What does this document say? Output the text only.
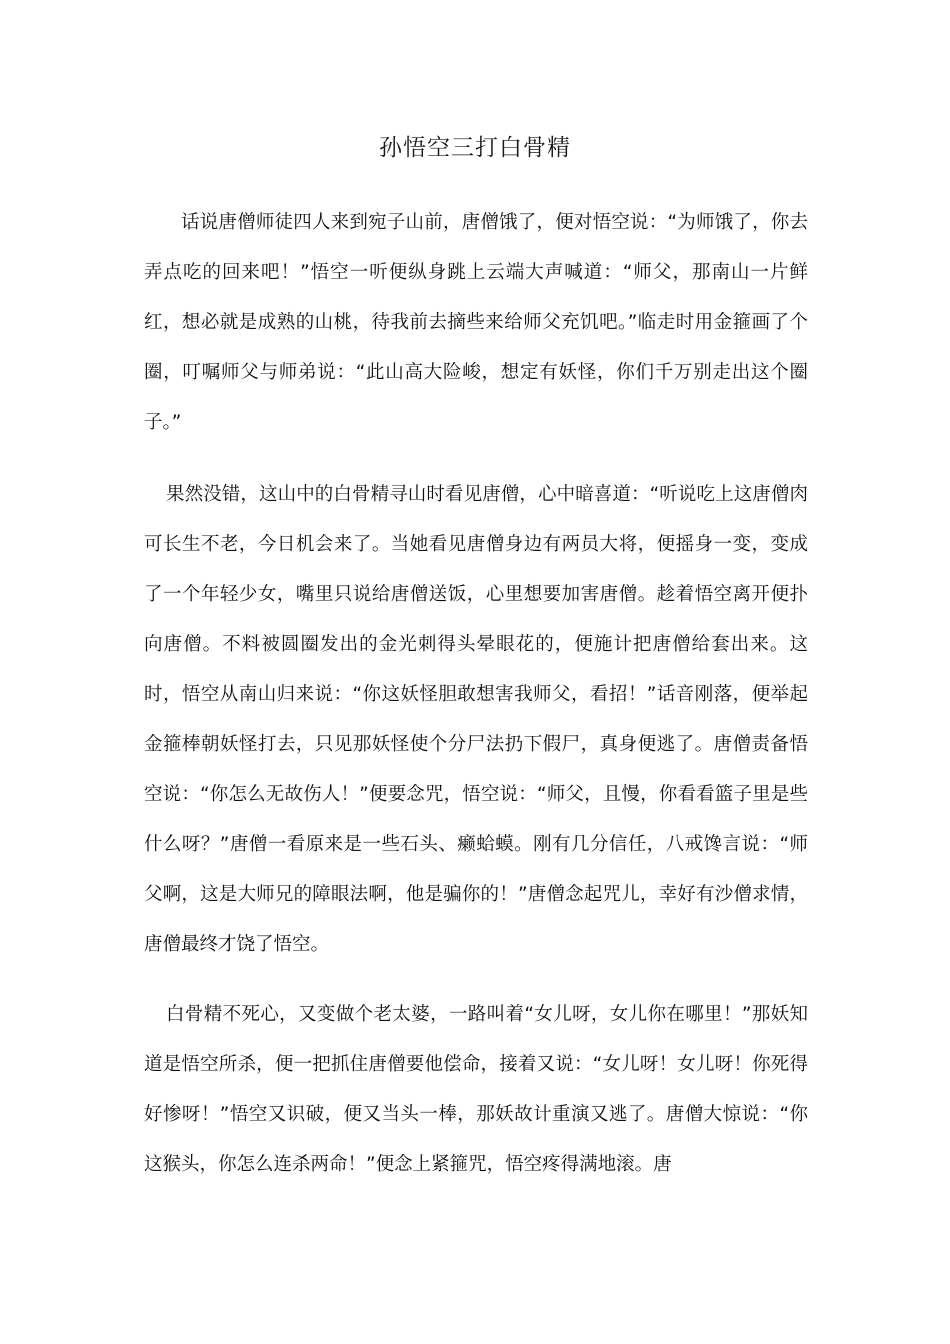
孙悟空三打白骨精

话说唐僧师徒四人来到宛子山前，唐僧饿了，便对悟空说：“为师饿了，你去弄点吃的回来吧！”悟空一听便纵身跳上云端大声喊道：“师父，那南山一片鲜红，想必就是成熟的山桃，待我前去摘些来给师父充饥吧。”临走时用金箍画了个圈，叮嘱师父与师弟说：“此山高大险峻，想定有妖怪，你们千万别走出这个圈子。”

果然没错，这山中的白骨精寻山时看见唐僧，心中暗喜道：“听说吃上这唐僧肉可长生不老，今日机会来了。当她看见唐僧身边有两员大将，便摇身一变，变成了一个年轻少女，嘴里只说给唐僧送饭，心里想要加害唐僧。趁着悟空离开便扑向唐僧。不料被圆圈发出的金光刺得头晕眼花的，便施计把唐僧给套出来。这时，悟空从南山归来说：“你这妖怪胆敢想害我师父，看招！”话音刚落，便举起金箍棒朝妖怪打去，只见那妖怪使个分尸法扔下假尸，真身便逃了。唐僧责备悟空说：“你怎么无故伤人！”便要念咒，悟空说：“师父，且慢，你看看篮子里是些什么呀？”唐僧一看原来是一些石头、癞蛤蟆。刚有几分信任，八戒馋言说：“师父啊，这是大师兄的障眼法啊，他是骗你的！”唐僧念起咒儿，幸好有沙僧求情，唐僧最终才饶了悟空。

白骨精不死心，又变做个老太婆，一路叫着“女儿呀，女儿你在哪里！”那妖知道是悟空所杀，便一把抓住唐僧要他偿命，接着又说：“女儿呀！女儿呀！你死得好惨呀！”悟空又识破，便又当头一棒，那妖故计重演又逃了。唐僧大惊说：“你这猴头，你怎么连杀两命！”便念上紧箍咒，悟空疼得满地滚。唐
